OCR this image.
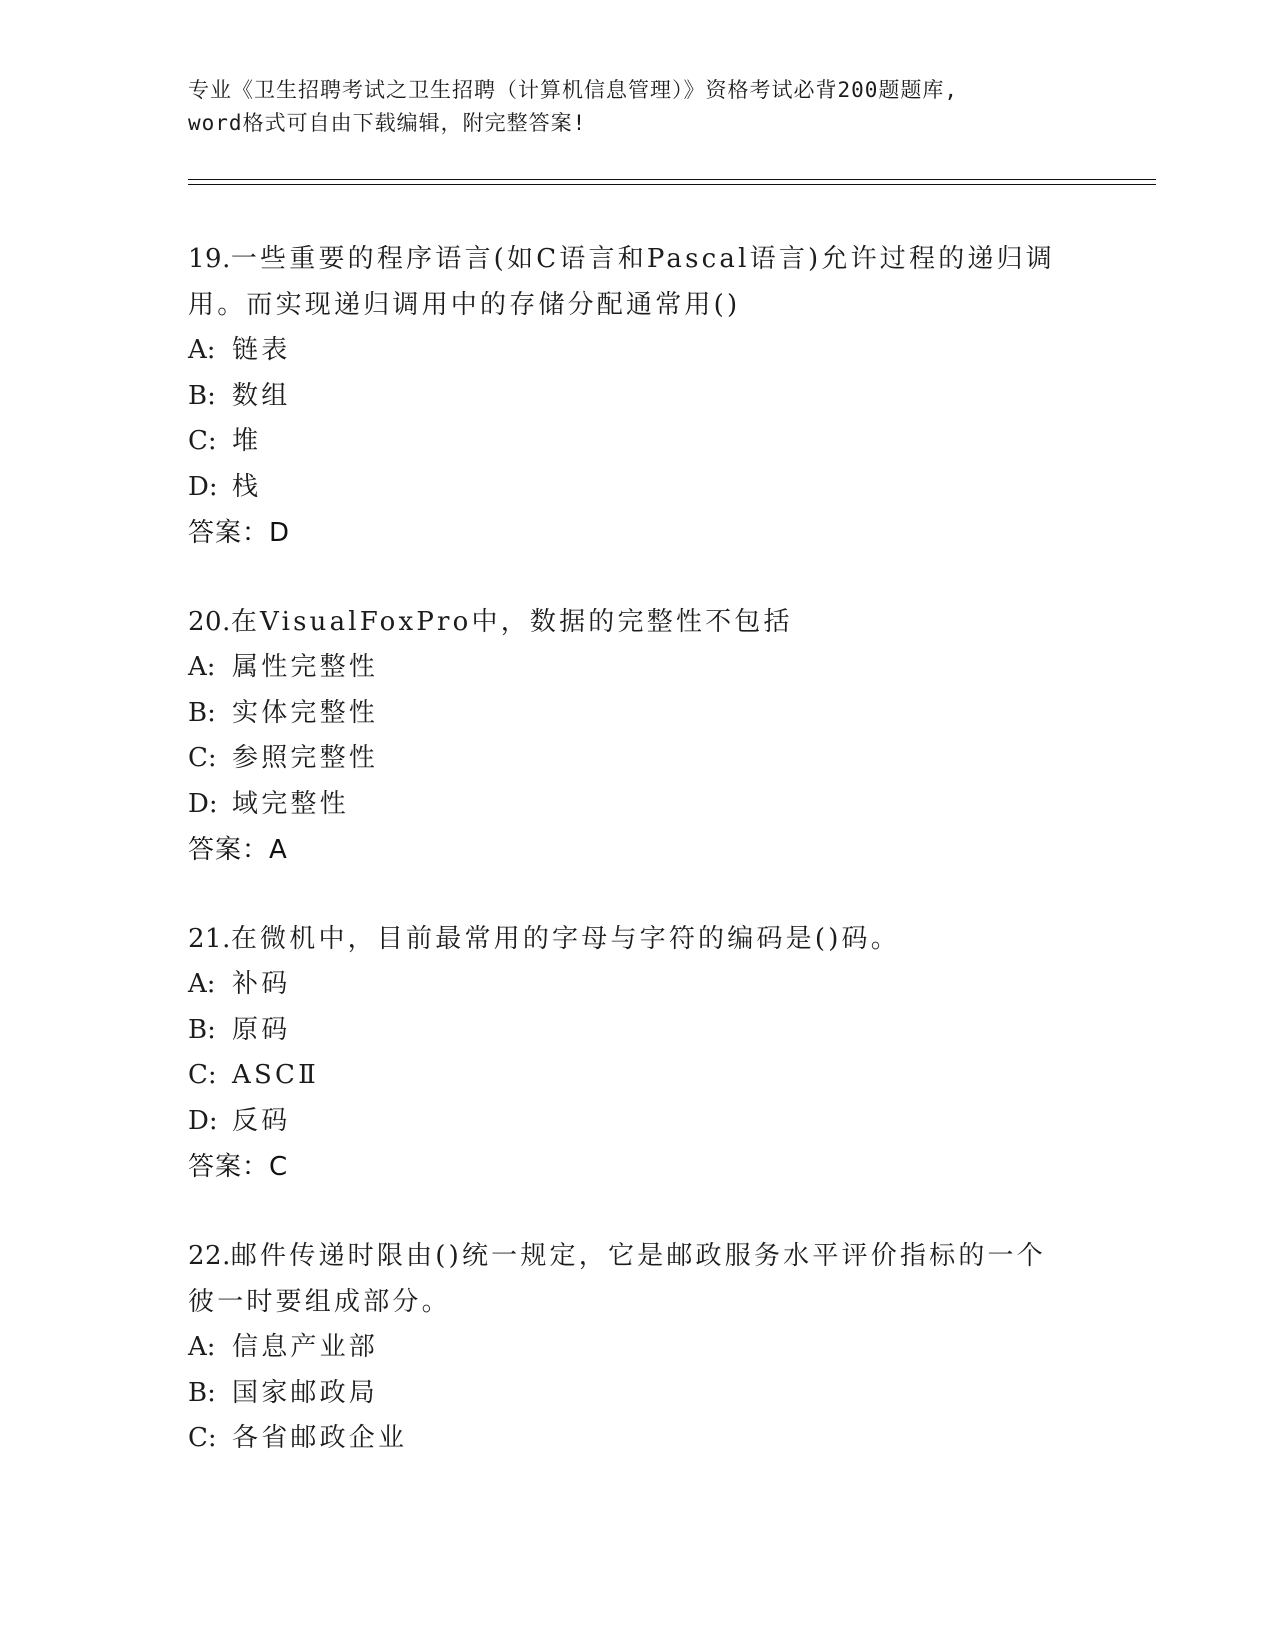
专业《卫生招聘考试之卫生招聘（计算机信息管理）》资格考试必背200题题库,
word格式可自由下载编辑，附完整答案!
19.一些重要的程序语言(如C语言和Pascal语言)允许过程的递归调用。而实现递归调用中的存储分配通常用()
A: 链表
B: 数组
C: 堆
D: 栈
答案：D
20.在VisualFoxPro中，数据的完整性不包括
A: 属性完整性
B: 实体完整性
C: 参照完整性
D: 域完整性
答案：A
21.在微机中，目前最常用的字母与字符的编码是()码。
A: 补码
B: 原码
C: ASCⅡ
D: 反码
答案：C
22.邮件传递时限由()统一规定，它是邮政服务水平评价指标的一个彼一时要组成部分。
A: 信息产业部
B: 国家邮政局
C: 各省邮政企业
